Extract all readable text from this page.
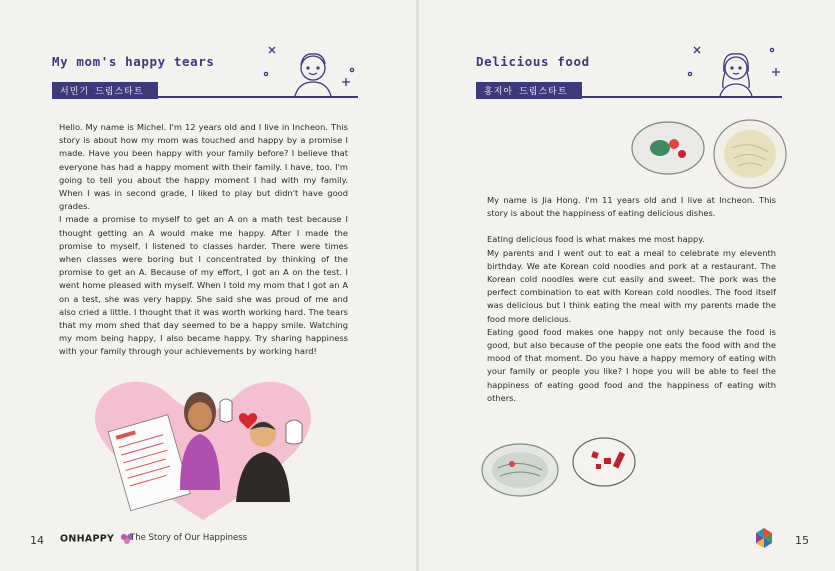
My mom's happy tears
서민기 드림스타트

Hello. My name is Michel. I'm 12 years old and I live in Incheon. This story is about how my mom was touched and happy by a promise I made. Have you been happy with your family before? I believe that everyone has had a happy moment with their family. I have, too. I'm going to tell you about the happy moment I had with my family. When I was in second grade, I liked to play but didn't have good grades.

I made a promise to myself to get an A on a math test because I thought getting an A would make me happy. After I made the promise to myself, I listened to classes harder. There were times when classes were boring but I concentrated by thinking of the promise to get an A. Because of my effort, I got an A on the test. I went home pleased with myself. When I told my mom that I got an A on a test, she was very happy. She said she was proud of me and also cried a little. I thought that it was worth working hard. The tears that my mom shed that day seemed to be a happy smile. Watching my mom being happy, I also became happy. Try sharing happiness with your family through your achievements by working hard!

14 ONHAPPY	The Story of Our Happiness
Delicious food
홍지아 드림스타트

My name is Jia Hong. I'm 11 years old and I live at Incheon. This story is about the happiness of eating delicious dishes.

Eating delicious food is what makes me most happy.

My parents and I went out to eat a meal to celebrate my eleventh birthday. We ate Korean cold noodles and pork at a restaurant. The Korean cold noodles were cut easily and sweet. The pork was the perfect combination to eat with Korean cold noodles. The food itself was delicious but I think eating the meal with my parents made the food more delicious.

Eating good food makes one happy not only because the food is good, but also because of the people one eats the food with and the mood of that moment. Do you have a happy memory of eating with your family or people you like? I hope you will be able to feel the happiness of eating good food and the happiness of eating with others.

15
